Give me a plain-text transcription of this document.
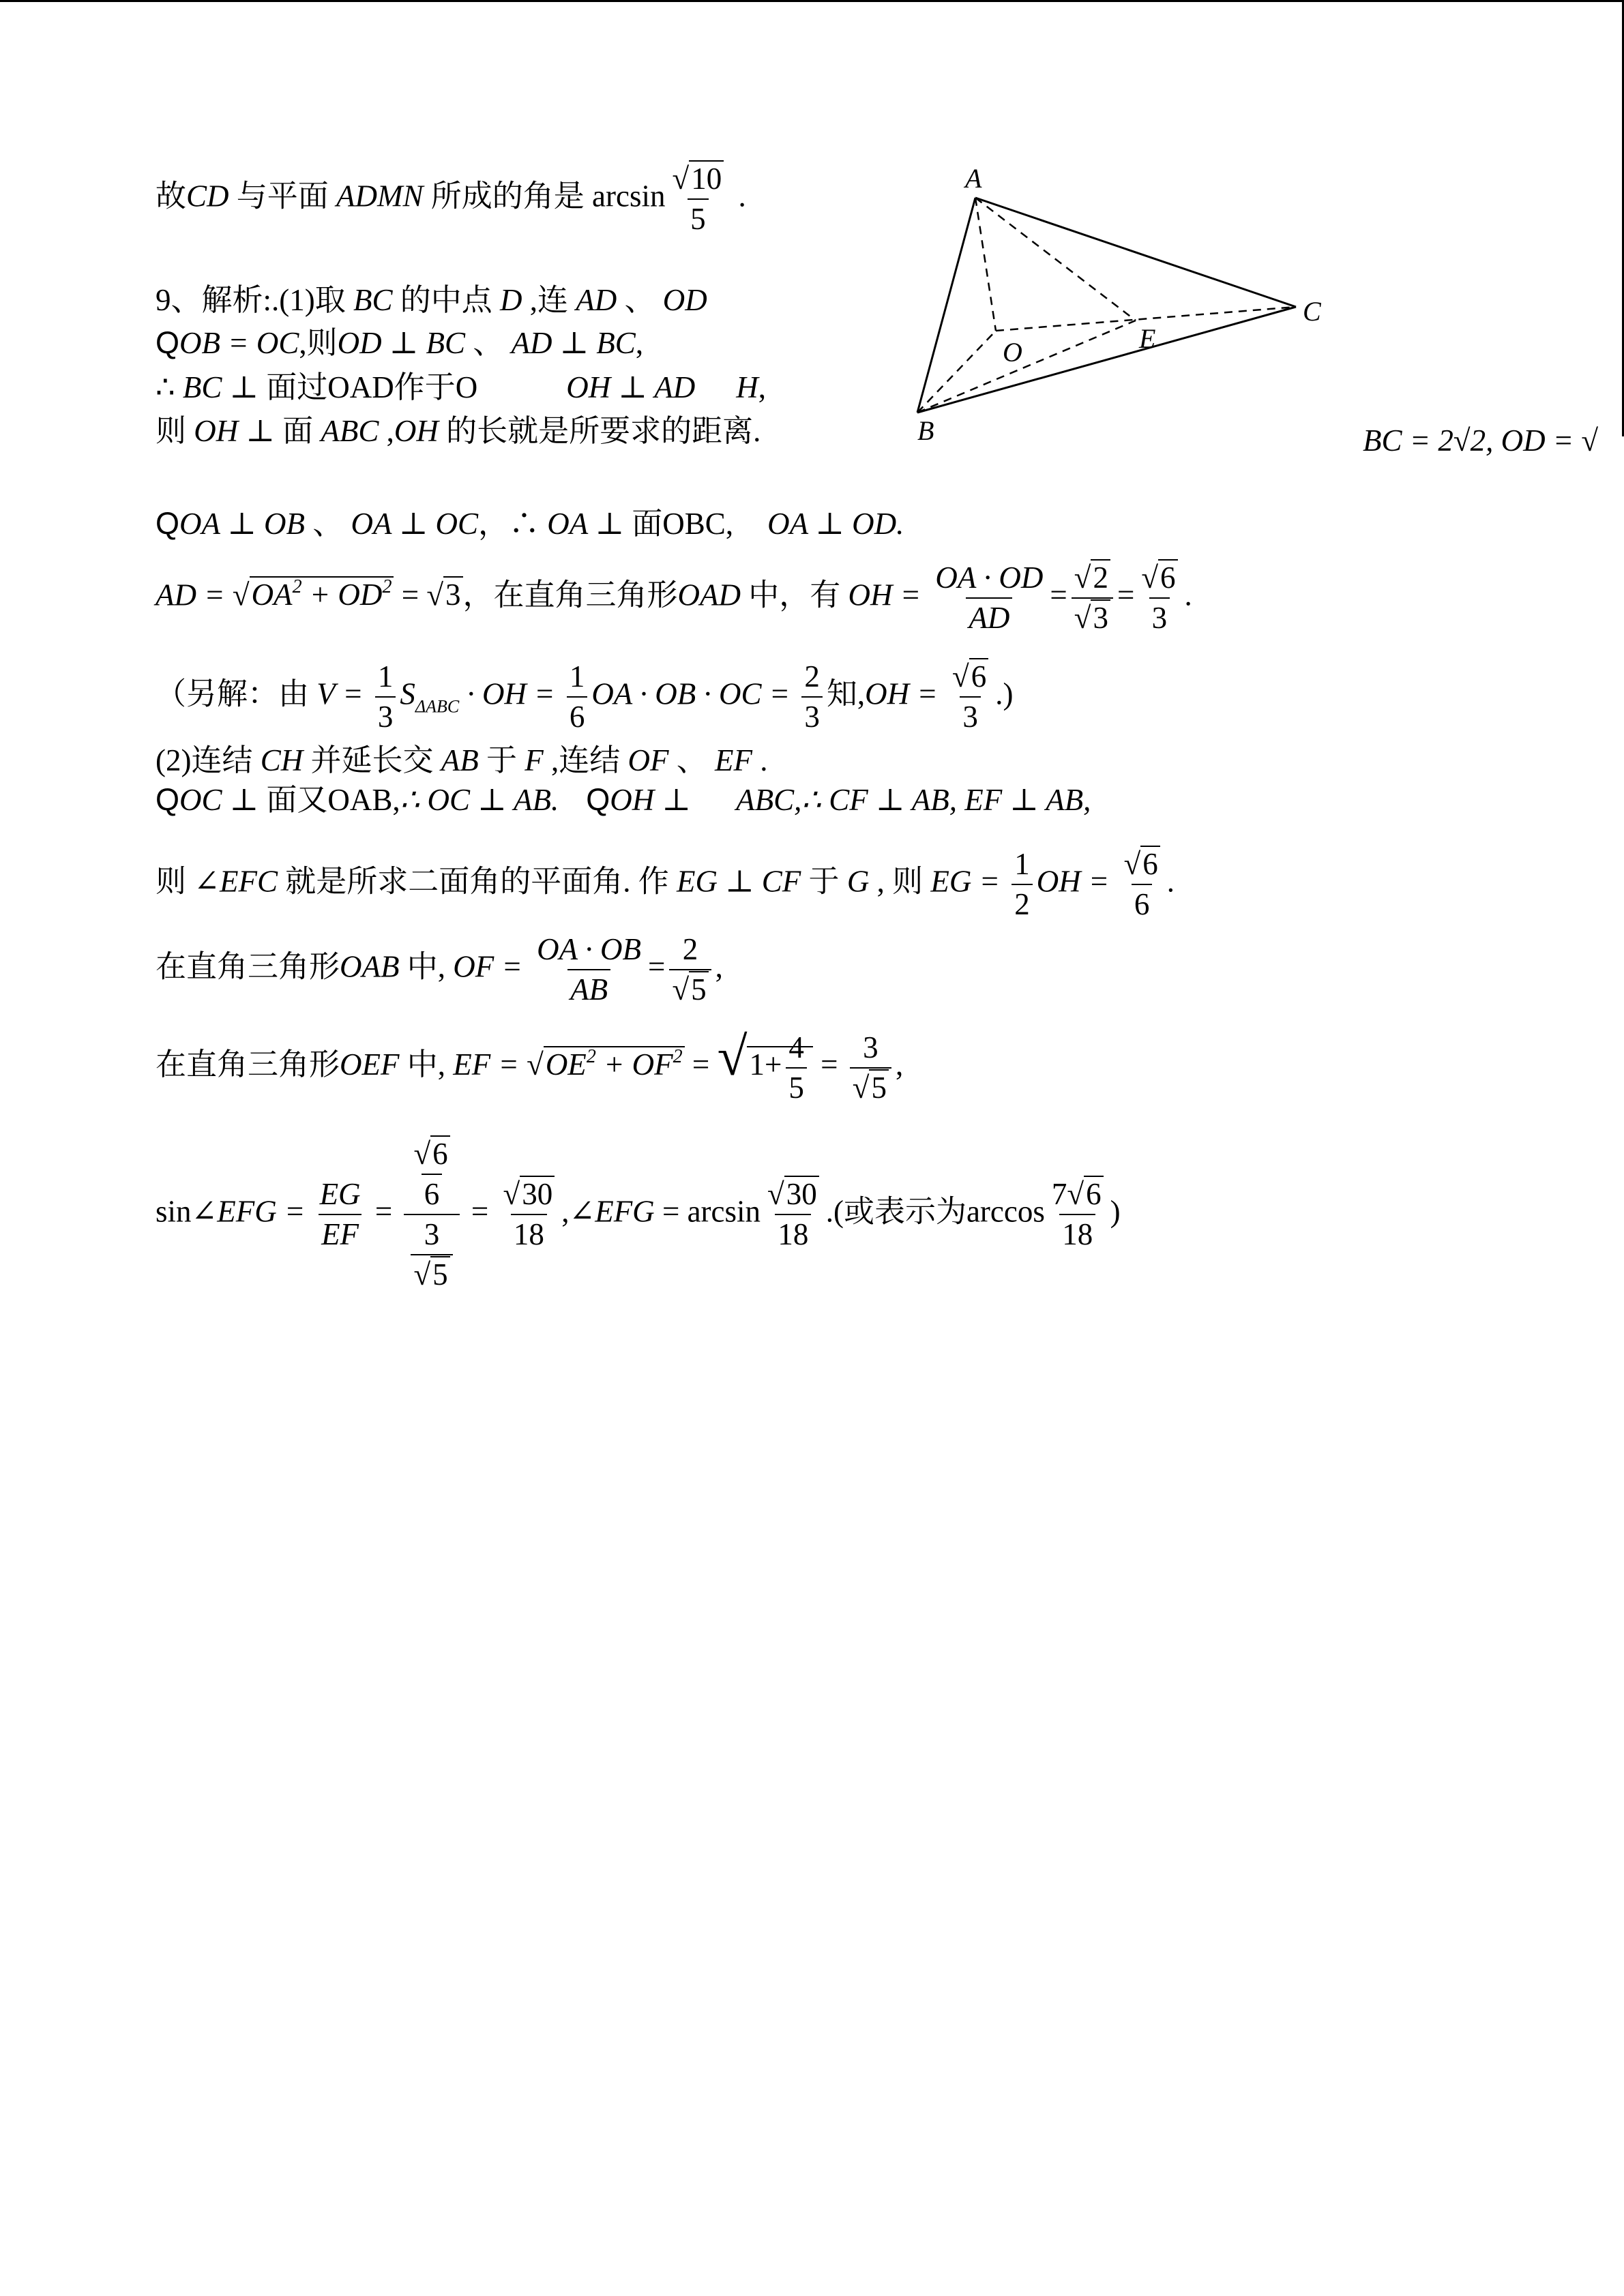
故CD 与平面 ADMN 所成的角是 $\arcsin \frac{√10}{5}$ .
9、解析:.(1)取 BC 的中点 D ,连 AD 、 OD
QOB = OC,则OD ⊥ BC 、 AD ⊥ BC,
∴ BC ⊥ 面过OAD作于O	OH ⊥ AD H,
则 OH ⊥ 面 ABC ,OH 的长就是所要求的距离.	BC = 2√2, OD = √
QOA ⊥ OB 、 OA ⊥ OC，∴ OA ⊥ 面OBC, OA ⊥ OD.
AD = $√OA^2 + OD^2 = √3$，在直角三角形OAD 中，有 OH = $\frac{OA \cdot OD}{AD} = \frac{√2}{√3} = \frac{√6}{3}$ .
（另解：由 $V = \frac{1}{3} S_{\Delta ABC}$ · OH = $\frac{1}{6}$ OA · OB · OC = $\frac{2}{3}$ 知$,OH = \frac{√6}{3}$ .)
(2)连结 CH 并延长交 AB 于 F ,连结 OF 、 EF .
QOC ⊥ 面又OAB,∴ OC ⊥ AB. QOH ⊥ ABC,∴ CF ⊥ AB, EF ⊥ AB,
则 ∠EFC 就是所求二面角的平面角. 作 EG ⊥ CF 于 G , 则 EG = $\frac{1}{2}$ OH = $\frac{√6}{6}$ .
在直角三角形OAB 中, OF = $\frac{OA \cdot OB}{AB} = \frac{2}{√5}$ ,
在直角三角形OEF 中, EF = $√OE^2 + OF^2 = √1+ \frac{4}{5} = \frac{3}{√5}$ ,
sin∠EFG = $\frac{EG}{EF} = \frac{\frac{√6}{6}}{\frac{3}{√5}} = \frac{√30}{18}$ ,∠EFG = $\arcsin \frac{√30}{18}$ .(或表示为$\arccos \frac{7√6}{18}$ )
A
B
C
O	E
